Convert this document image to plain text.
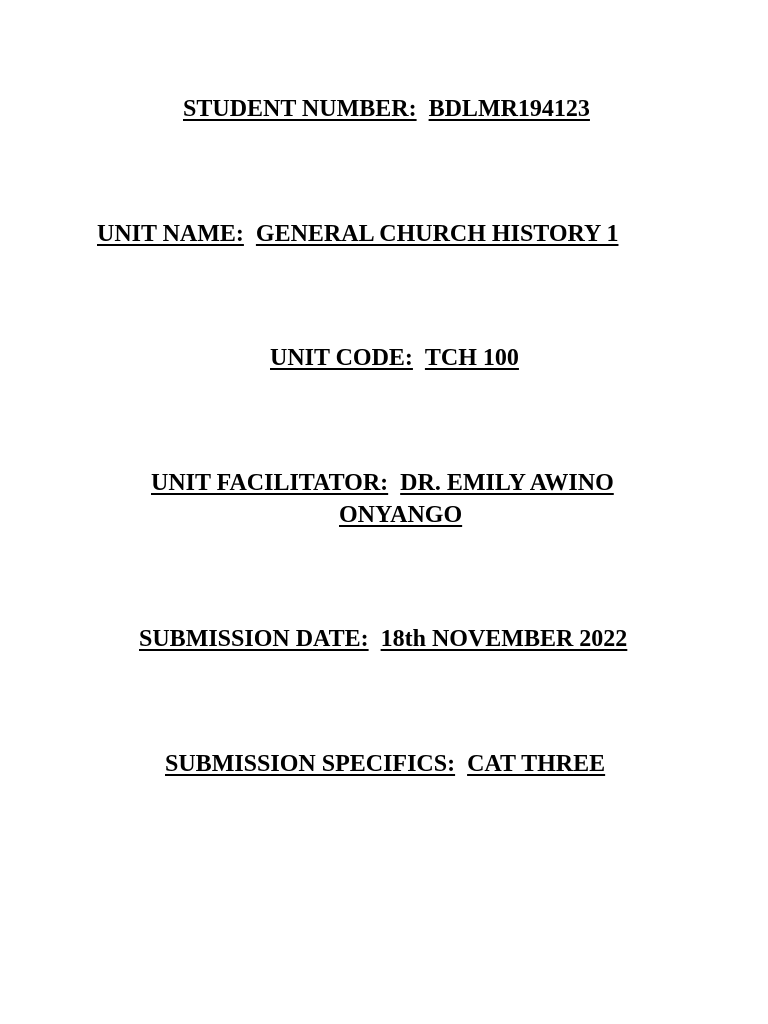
STUDENT NUMBER: BDLMR194123
UNIT NAME: GENERAL CHURCH HISTORY 1
UNIT CODE: TCH 100
UNIT FACILITATOR: DR. EMILY AWINO
ONYANGO
SUBMISSION DATE: 18th NOVEMBER 2022
SUBMISSION SPECIFICS: CAT THREE
